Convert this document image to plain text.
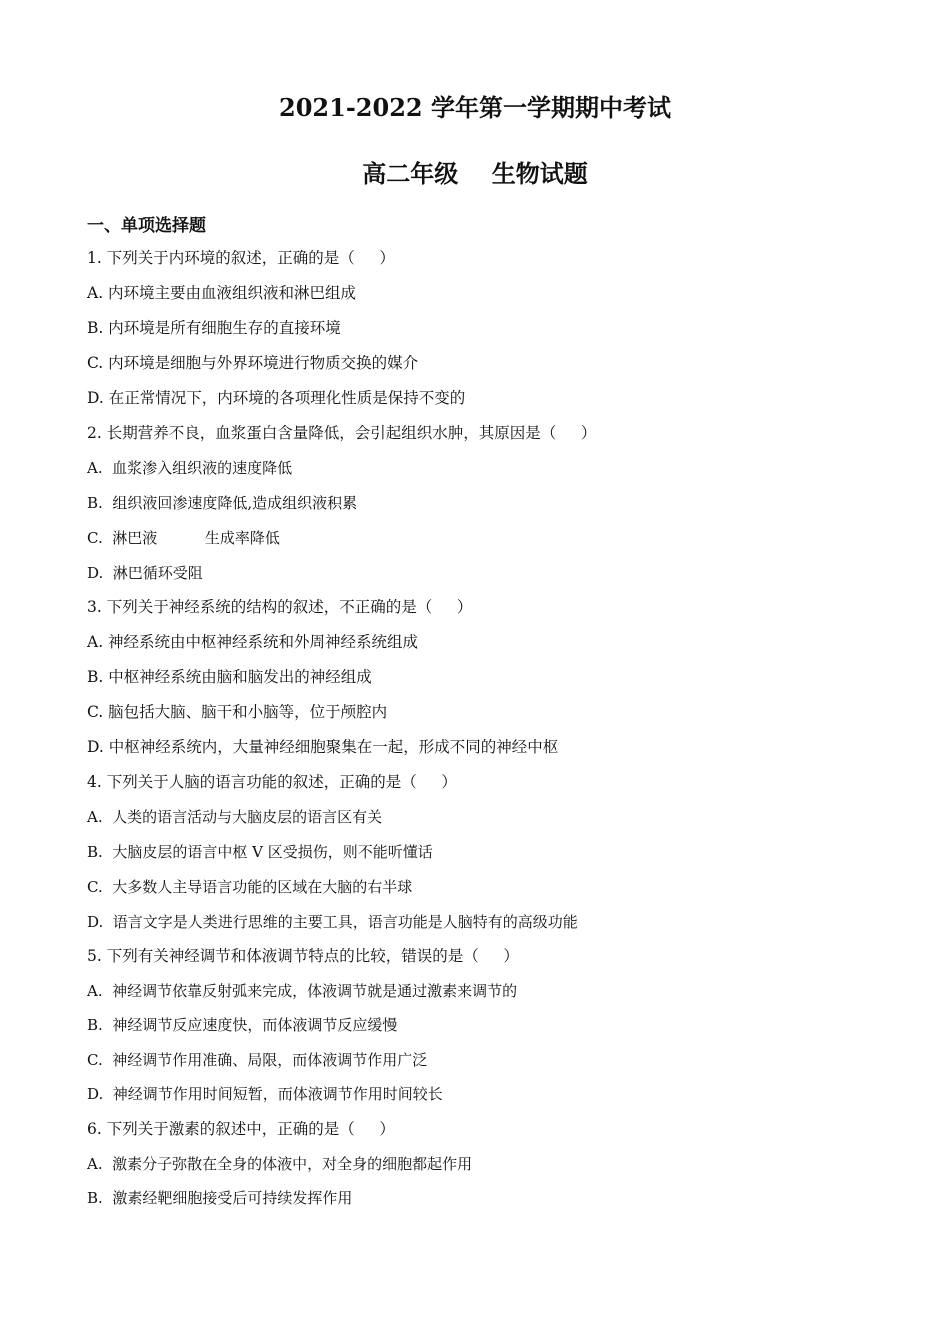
2021-2022 学年第一学期期中考试
高二年级    生物试题
一、单项选择题
1. 下列关于内环境的叙述，正确的是（     ）
A. 内环境主要由血液组织液和淋巴组成
B. 内环境是所有细胞生存的直接环境
C. 内环境是细胞与外界环境进行物质交换的媒介
D. 在正常情况下，内环境的各项理化性质是保持不变的
2. 长期营养不良，血浆蛋白含量降低，会引起组织水肿，其原因是（     ）
A.  血浆渗入组织液的速度降低
B.  组织液回渗速度降低,造成组织液积累
C.  淋巴液          生成率降低
D.  淋巴循环受阻
3. 下列关于神经系统的结构的叙述，不正确的是（     ）
A. 神经系统由中枢神经系统和外周神经系统组成
B. 中枢神经系统由脑和脑发出的神经组成
C. 脑包括大脑、脑干和小脑等，位于颅腔内
D. 中枢神经系统内，大量神经细胞聚集在一起，形成不同的神经中枢
4. 下列关于人脑的语言功能的叙述，正确的是（     ）
A.  人类的语言活动与大脑皮层的语言区有关
B.  大脑皮层的语言中枢 V 区受损伤，则不能听懂话
C.  大多数人主导语言功能的区域在大脑的右半球
D.  语言文字是人类进行思维的主要工具，语言功能是人脑特有的高级功能
5. 下列有关神经调节和体液调节特点的比较，错误的是（     ）
A.  神经调节依靠反射弧来完成，体液调节就是通过激素来调节的
B.  神经调节反应速度快，而体液调节反应缓慢
C.  神经调节作用准确、局限，而体液调节作用广泛
D.  神经调节作用时间短暂，而体液调节作用时间较长
6. 下列关于激素的叙述中，正确的是（     ）
A.  激素分子弥散在全身的体液中，对全身的细胞都起作用
B.  激素经靶细胞接受后可持续发挥作用
